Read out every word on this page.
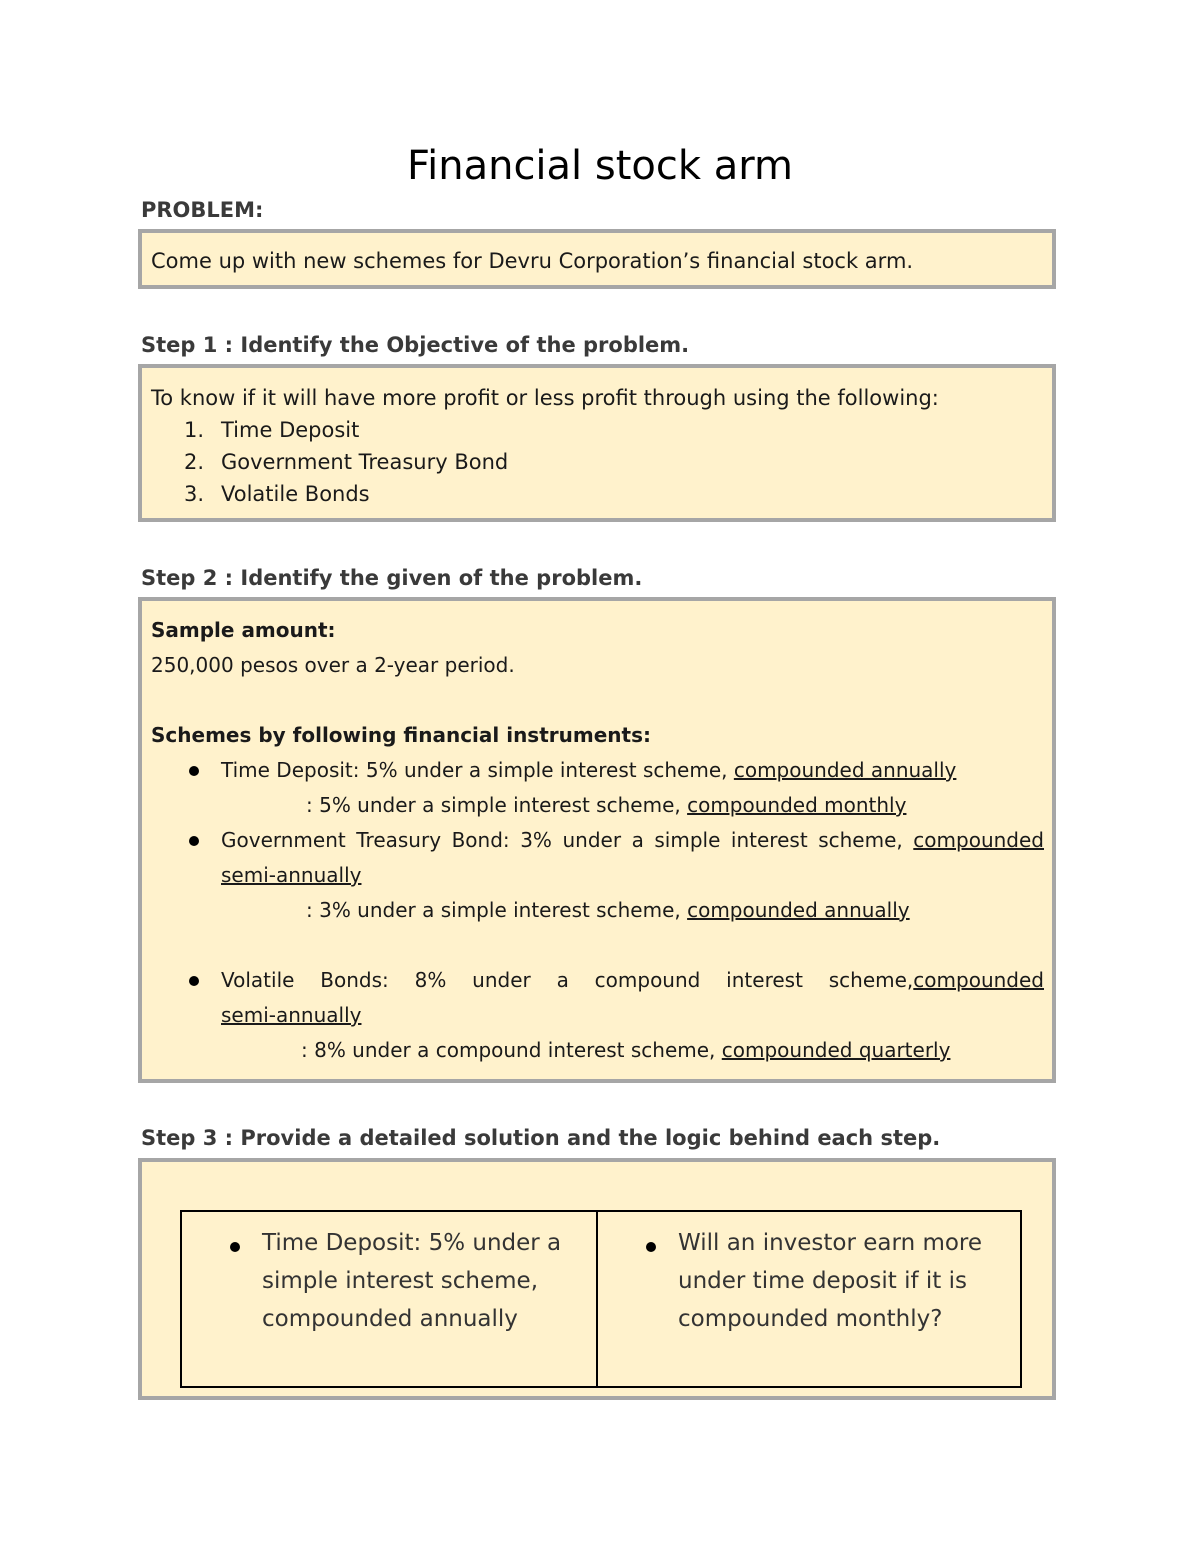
Financial stock arm
PROBLEM:
Come up with new schemes for Devru Corporation’s financial stock arm.
Step 1 : Identify the Objective of the problem.
To know if it will have more profit or less profit through using the following:
1. Time Deposit
2. Government Treasury Bond
3. Volatile Bonds
Step 2 : Identify the given of the problem.
Sample amount:
250,000 pesos over a 2-year period.

Schemes by following financial instruments:
Time Deposit: 5% under a simple interest scheme, compounded annually
: 5% under a simple interest scheme, compounded monthly
Government Treasury Bond: 3% under a simple interest scheme, compounded
semi-annually
: 3% under a simple interest scheme, compounded annually

Volatile Bonds: 8% under a compound interest scheme,compounded
semi-annually
: 8% under a compound interest scheme, compounded quarterly
Step 3 : Provide a detailed solution and the logic behind each step.
Time Deposit: 5% under a
simple interest scheme,
compounded annually
Will an investor earn more
under time deposit if it is
compounded monthly?
